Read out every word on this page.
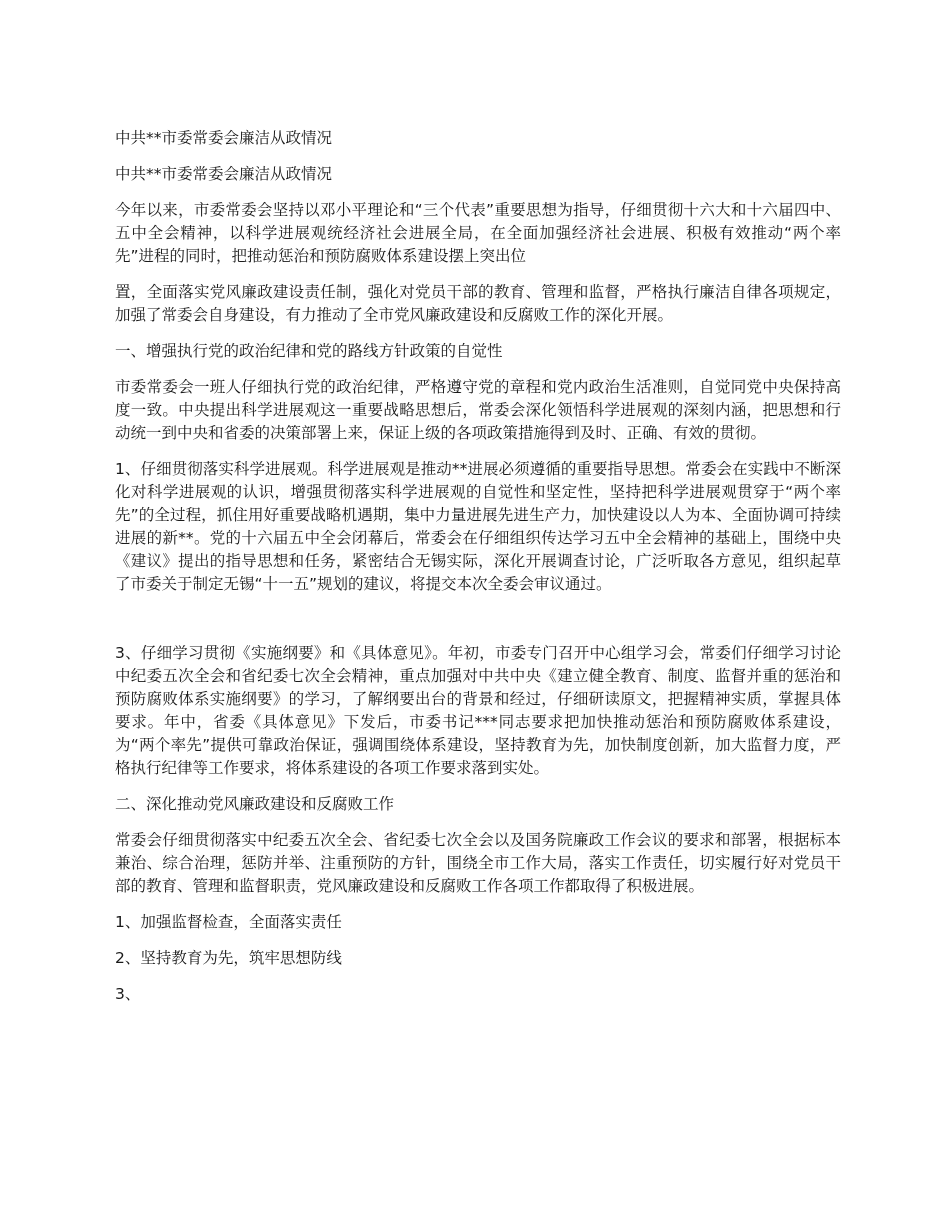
中共**市委常委会廉洁从政情况

中共**市委常委会廉洁从政情况

今年以来，市委常委会坚持以邓小平理论和“三个代表”重要思想为指导，仔细贯彻十六大和十六届四中、五中全会精神，以科学进展观统经济社会进展全局，在全面加强经济社会进展、积极有效推动“两个率先”进程的同时，把推动惩治和预防腐败体系建设摆上突出位

置，全面落实党风廉政建设责任制，强化对党员干部的教育、管理和监督，严格执行廉洁自律各项规定，加强了常委会自身建设，有力推动了全市党风廉政建设和反腐败工作的深化开展。

一、增强执行党的政治纪律和党的路线方针政策的自觉性

市委常委会一班人仔细执行党的政治纪律，严格遵守党的章程和党内政治生活准则，自觉同党中央保持高度一致。中央提出科学进展观这一重要战略思想后，常委会深化领悟科学进展观的深刻内涵，把思想和行动统一到中央和省委的决策部署上来，保证上级的各项政策措施得到及时、正确、有效的贯彻。

1、仔细贯彻落实科学进展观。科学进展观是推动**进展必须遵循的重要指导思想。常委会在实践中不断深化对科学进展观的认识，增强贯彻落实科学进展观的自觉性和坚定性，坚持把科学进展观贯穿于“两个率先”的全过程，抓住用好重要战略机遇期，集中力量进展先进生产力，加快建设以人为本、全面协调可持续进展的新**。党的十六届五中全会闭幕后，常委会在仔细组织传达学习五中全会精神的基础上，围绕中央《建议》提出的指导思想和任务，紧密结合无锡实际，深化开展调查讨论，广泛听取各方意见，组织起草了市委关于制定无锡“十一五”规划的建议，将提交本次全委会审议通过。

3、仔细学习贯彻《实施纲要》和《具体意见》。年初，市委专门召开中心组学习会，常委们仔细学习讨论中纪委五次全会和省纪委七次全会精神，重点加强对中共中央《建立健全教育、制度、监督并重的惩治和预防腐败体系实施纲要》的学习，了解纲要出台的背景和经过，仔细研读原文，把握精神实质，掌握具体要求。年中，省委《具体意见》下发后，市委书记***同志要求把加快推动惩治和预防腐败体系建设，为“两个率先”提供可靠政治保证，强调围绕体系建设，坚持教育为先，加快制度创新，加大监督力度，严格执行纪律等工作要求，将体系建设的各项工作要求落到实处。

二、深化推动党风廉政建设和反腐败工作

常委会仔细贯彻落实中纪委五次全会、省纪委七次全会以及国务院廉政工作会议的要求和部署，根据标本兼治、综合治理，惩防并举、注重预防的方针，围绕全市工作大局，落实工作责任，切实履行好对党员干部的教育、管理和监督职责，党风廉政建设和反腐败工作各项工作都取得了积极进展。

1、加强监督检查，全面落实责任

2、坚持教育为先，筑牢思想防线

3、
